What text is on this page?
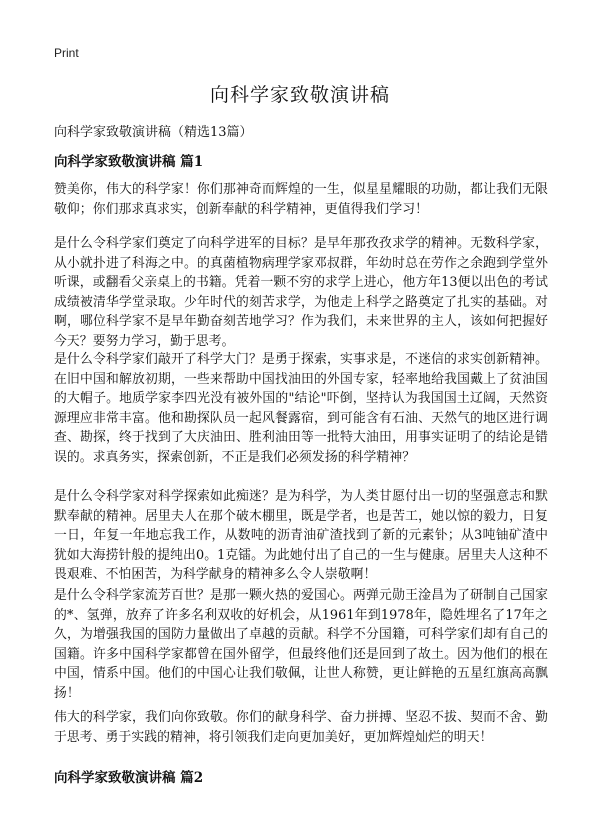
Print
向科学家致敬演讲稿
向科学家致敬演讲稿（精选13篇）
向科学家致敬演讲稿 篇1

赞美你，伟大的科学家！你们那神奇而辉煌的一生，似星星耀眼的功勋，都让我们无限敬仰；你们那求真求实，创新奉献的科学精神，更值得我们学习！

是什么令科学家们奠定了向科学进军的目标？是早年那孜孜求学的精神。无数科学家，从小就扑进了科海之中。的真菌植物病理学家邓叔群，年幼时总在劳作之余跑到学堂外听课，或翻看父亲桌上的书籍。凭着一颗不穷的求学上进心，他方年13便以出色的考试成绩被清华学堂录取。少年时代的刻苦求学，为他走上科学之路奠定了扎实的基础。对啊，哪位科学家不是早年勤奋刻苦地学习？作为我们，未来世界的主人，该如何把握好今天？要努力学习，勤于思考。

是什么令科学家们敲开了科学大门？是勇于探索，实事求是，不迷信的求实创新精神。在旧中国和解放初期，一些来帮助中国找油田的外国专家，轻率地给我国戴上了贫油国的大帽子。地质学家李四光没有被外国的"结论"吓倒，坚持认为我国国土辽阔，天然资源理应非常丰富。他和勘探队员一起风餐露宿，到可能含有石油、天然气的地区进行调查、勘探，终于找到了大庆油田、胜利油田等一批特大油田，用事实证明了的结论是错误的。求真务实，探索创新，不正是我们必须发扬的科学精神？

是什么令科学家对科学探索如此痴迷？是为科学，为人类甘愿付出一切的坚强意志和默默奉献的精神。居里夫人在那个破木棚里，既是学者，也是苦工，她以惊的毅力，日复一日，年复一年地忘我工作，从数吨的沥青油矿渣找到了新的元素钋；从3吨铀矿渣中犹如大海捞针般的提纯出0。1克镭。为此她付出了自己的一生与健康。居里夫人这种不畏艰难、不怕困苦，为科学献身的精神多么令人崇敬啊！

是什么令科学家流芳百世？是那一颗火热的爱国心。两弹元勋王淦昌为了研制自己国家的*、氢弹，放弃了许多名利双收的好机会，从1961年到1978年，隐姓埋名了17年之久，为增强我国的国防力量做出了卓越的贡献。科学不分国籍，可科学家们却有自己的国籍。许多中国科学家都曾在国外留学，但最终他们还是回到了故土。因为他们的根在中国，情系中国。他们的中国心让我们敬佩，让世人称赞，更让鲜艳的五星红旗高高飘扬！

伟大的科学家，我们向你致敬。你们的献身科学、奋力拼搏、坚忍不拔、契而不舍、勤于思考、勇于实践的精神，将引领我们走向更加美好，更加辉煌灿烂的明天！

向科学家致敬演讲稿 篇2
